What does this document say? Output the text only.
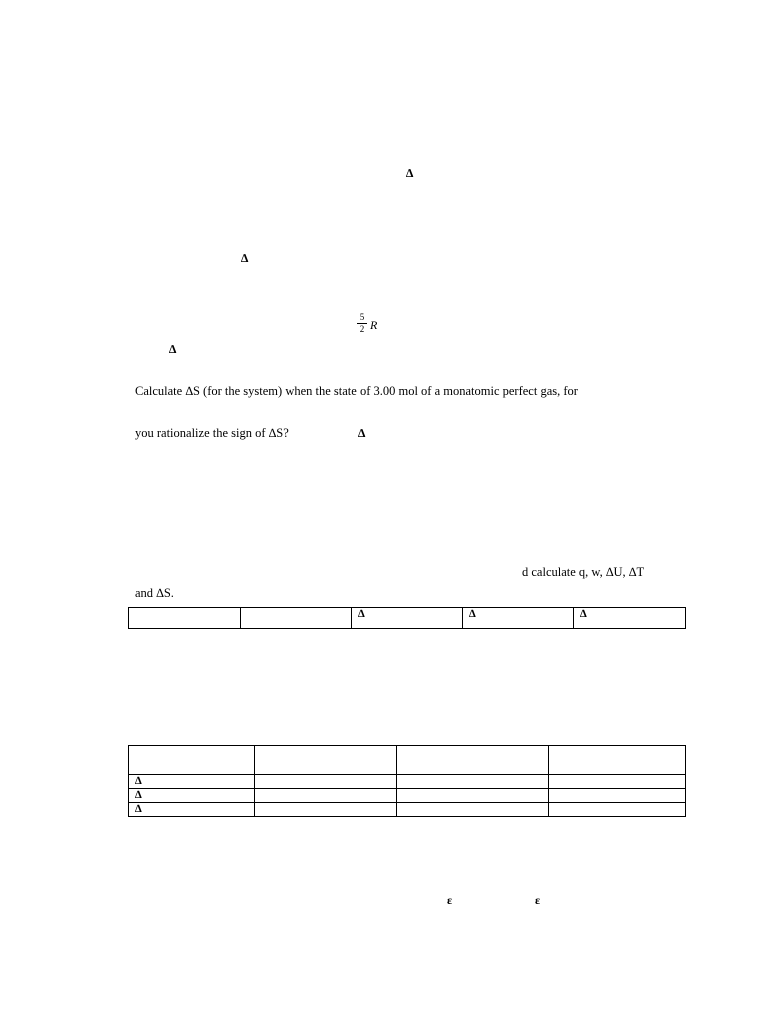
∆
∆
5
2 R
∆
Calculate ∆S (for the system) when the state of 3.00 mol of a monatomic perfect gas, for
you rationalize the sign of ∆S?	∆
d calculate q, w, ∆U, ∆T
and ∆S.
		∆	∆	∆

∆			
∆			
∆			
ε	ε
